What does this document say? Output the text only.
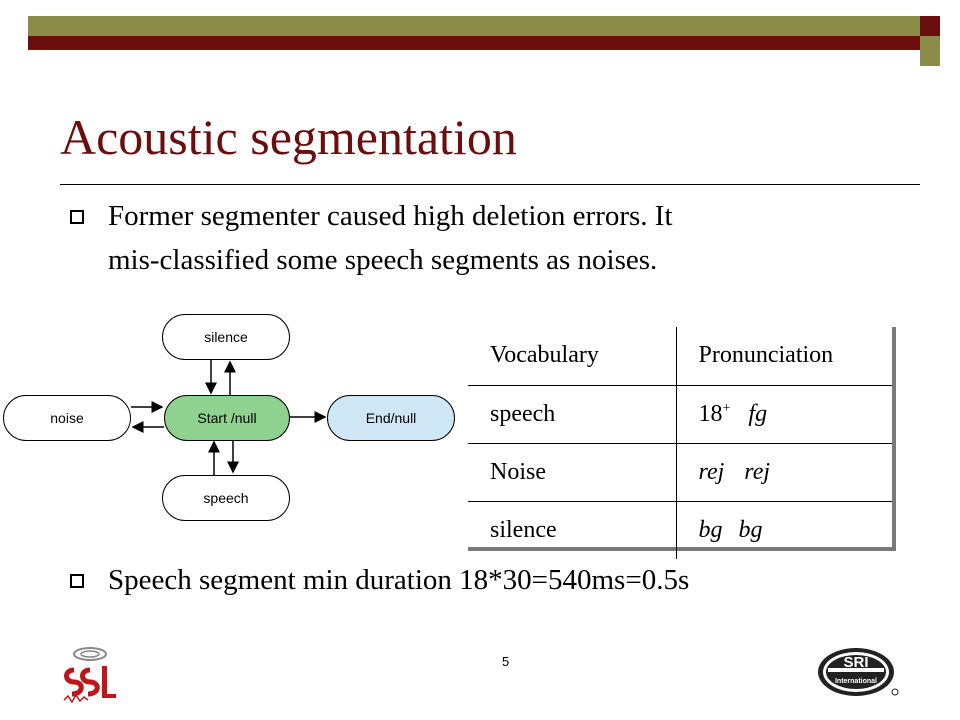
Acoustic segmentation
Former segmenter caused high deletion errors. It
mis-classified some speech segments as noises.
silence
noise	Start /null	End/null
speech
Vocabulary	Pronunciation
speech	18+ fg
Noise	rej rej
silence	bg bg
Speech segment min duration 18*30=540ms=0.5s
5	SRI
International
